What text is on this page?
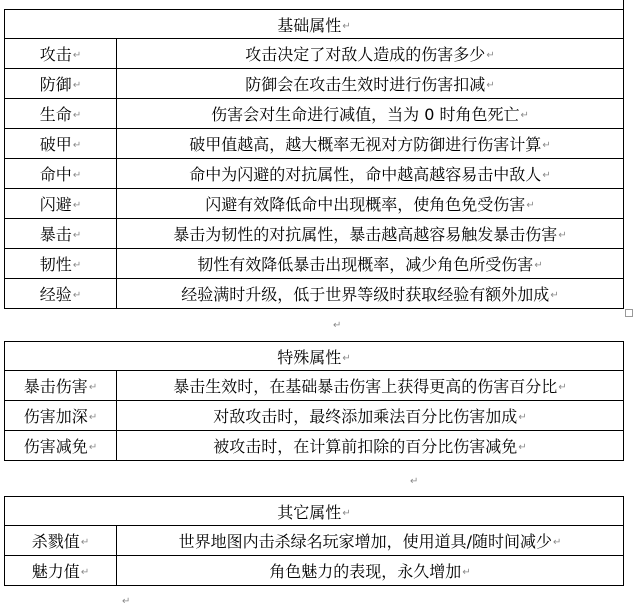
基础属性↵	
攻击↵	攻击决定了对敌人造成的伤害多少↵
防御↵	防御会在攻击生效时进行伤害扣减↵
生命↵	伤害会对生命进行减值，当为 0 时角色死亡↵
破甲↵	破甲值越高，越大概率无视对方防御进行伤害计算↵
命中↵	命中为闪避的对抗属性，命中越高越容易击中敌人↵
闪避↵	闪避有效降低命中出现概率，使角色免受伤害↵
暴击↵	暴击为韧性的对抗属性，暴击越高越容易触发暴击伤害↵
韧性↵	韧性有效降低暴击出现概率，减少角色所受伤害↵
经验↵	经验满时升级，低于世界等级时获取经验有额外加成↵
↵
特殊属性↵	
暴击伤害↵	暴击生效时，在基础暴击伤害上获得更高的伤害百分比↵
伤害加深↵	对敌攻击时，最终添加乘法百分比伤害加成↵
伤害减免↵	被攻击时，在计算前扣除的百分比伤害减免↵
↵
其它属性↵	
杀戮值↵	世界地图内击杀绿名玩家增加，使用道具/随时间减少↵
魅力值↵	角色魅力的表现，永久增加↵
↵
